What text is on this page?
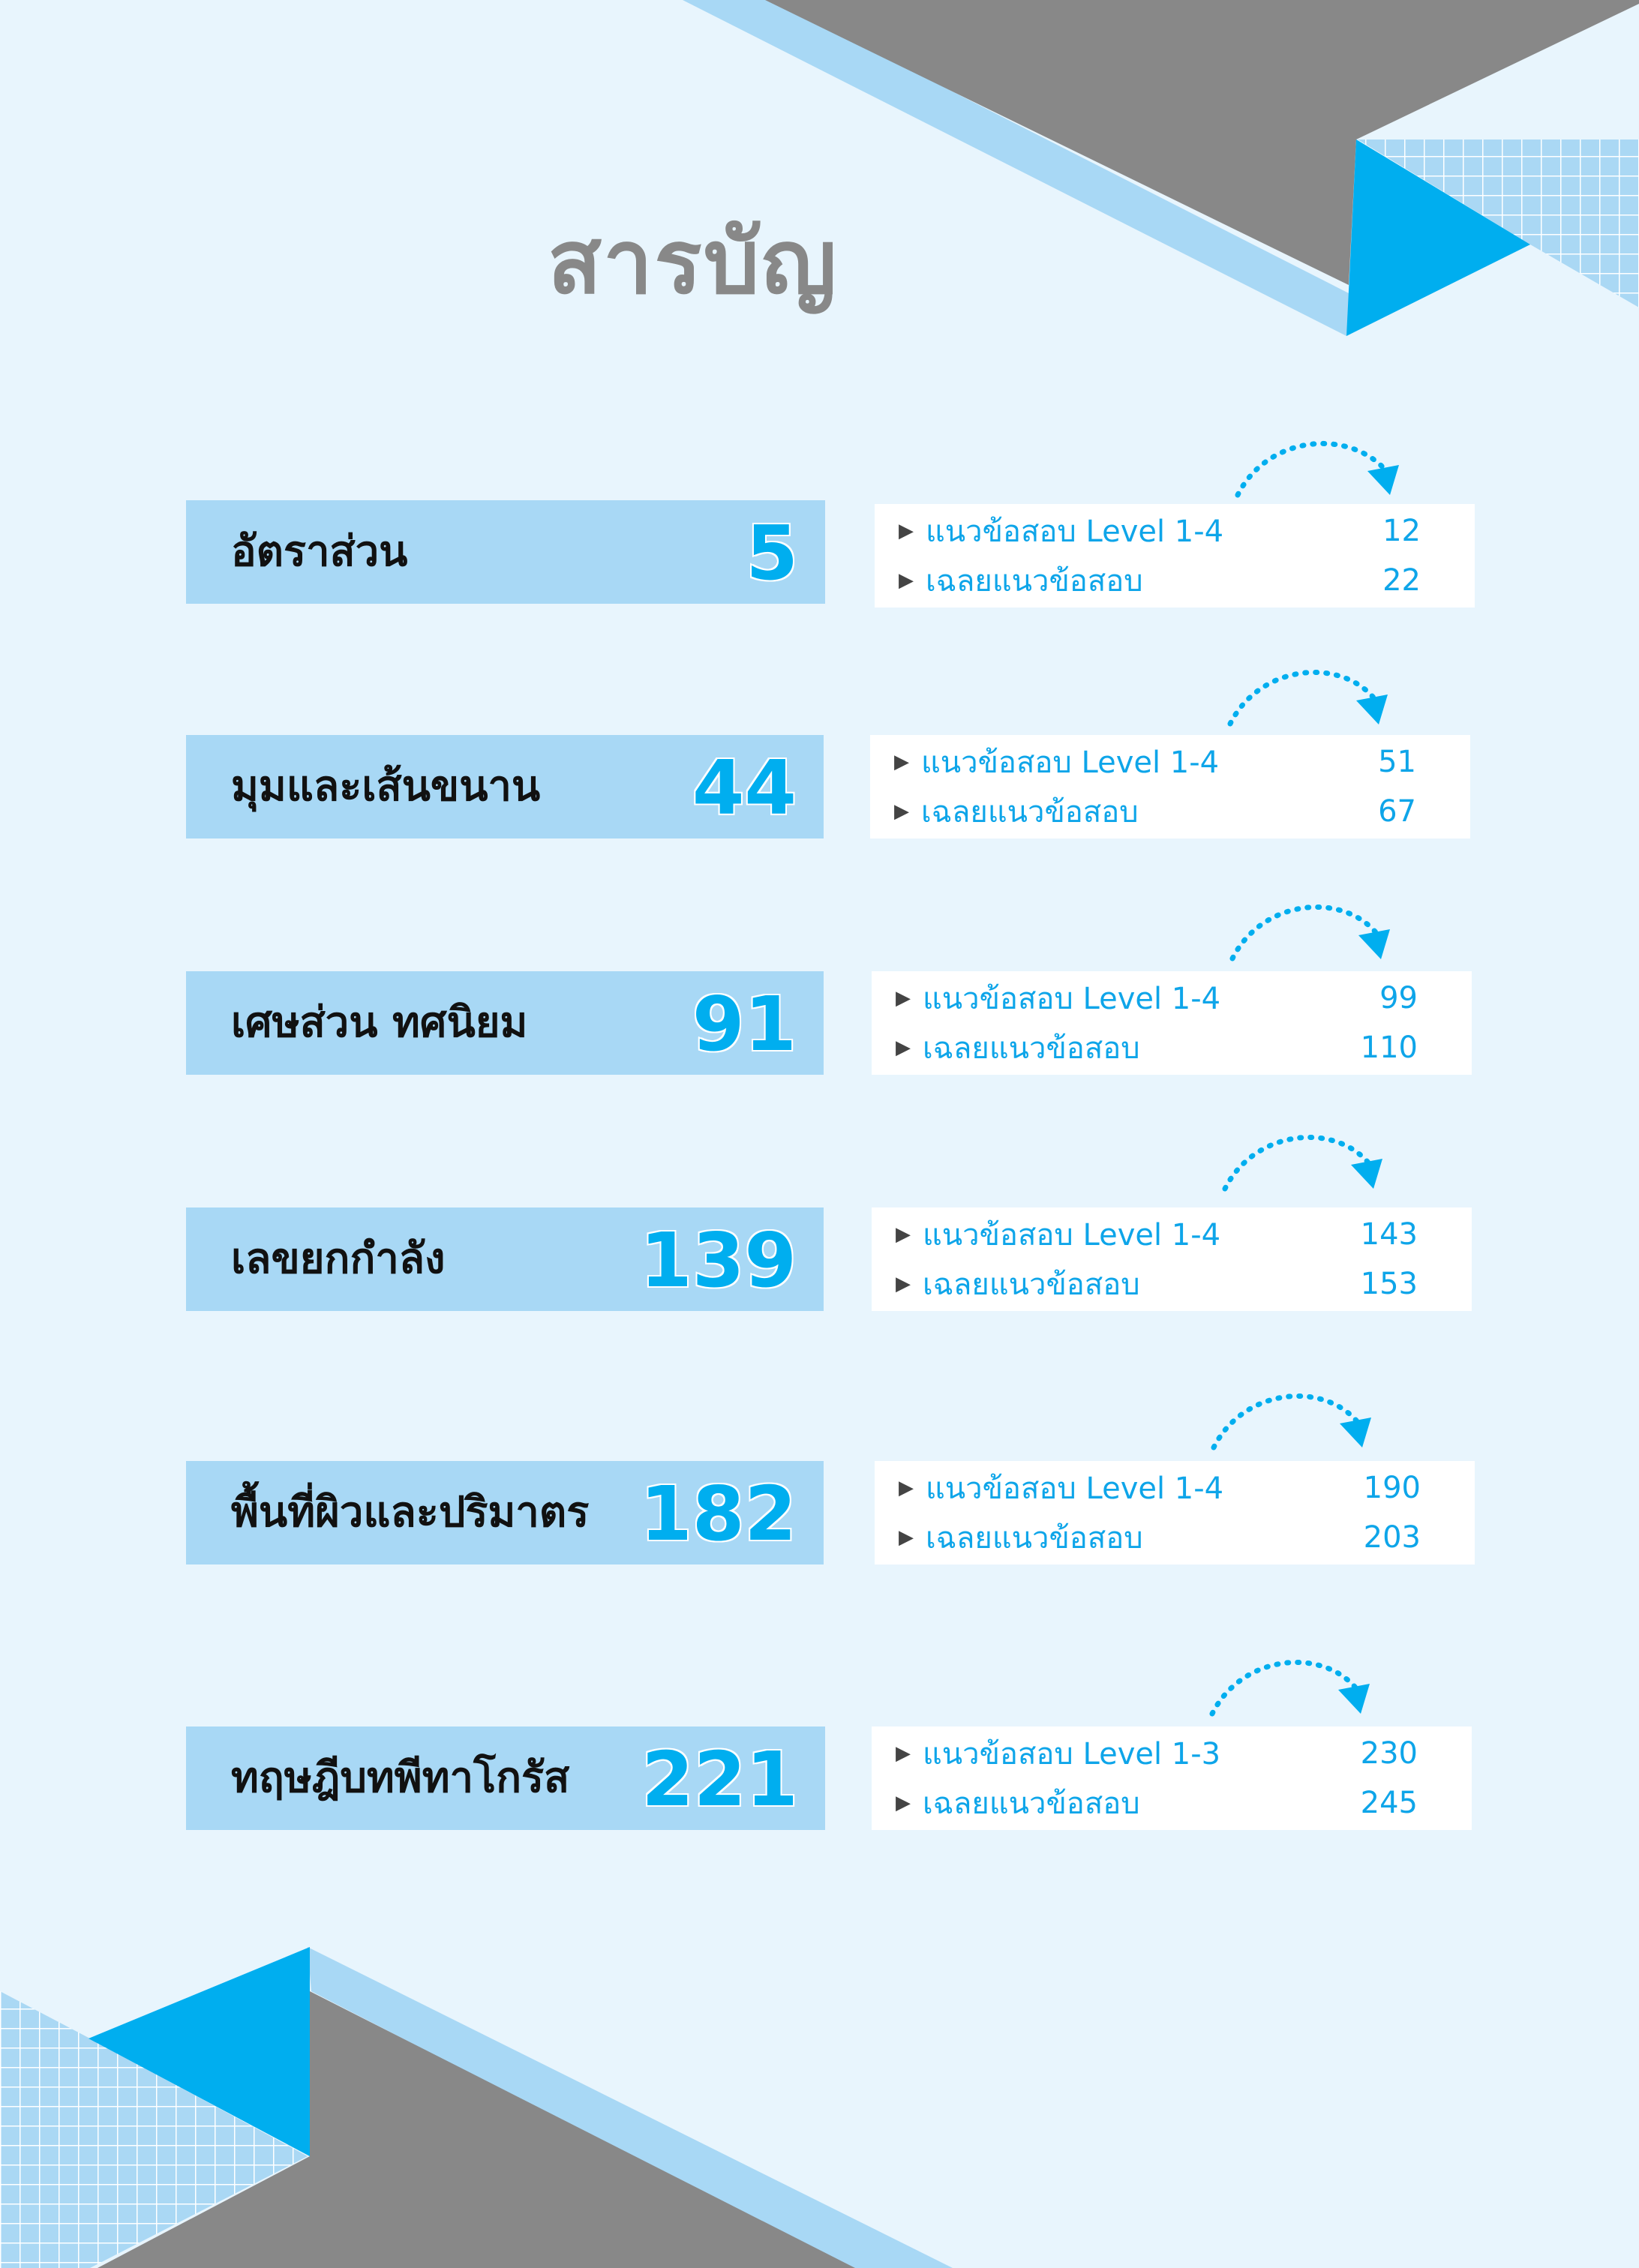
สารบัญ
อัตราส่วน	5	▶ แนวข้อสอบ Level 1-4	12
▶ เฉลยแนวข้อสอบ	22
มุมและเส้นขนาน 44	▶ แนวข้อสอบ Level 1-4	51
▶ เฉลยแนวข้อสอบ	67
เศษส่วน ทศนิยม 91	▶ แนวข้อสอบ Level 1-4	99
▶ เฉลยแนวข้อสอบ	110
เลขยกกำลัง	139	▶ แนวข้อสอบ Level 1-4	143
▶ เฉลยแนวข้อสอบ	153
พื้นที่ผิวและปริมาตร 182	▶ แนวข้อสอบ Level 1-4	190
▶ เฉลยแนวข้อสอบ	203
ทฤษฎีบทพีทาโกรัส 221	▶ แนวข้อสอบ Level 1-3	230
▶ เฉลยแนวข้อสอบ	245
